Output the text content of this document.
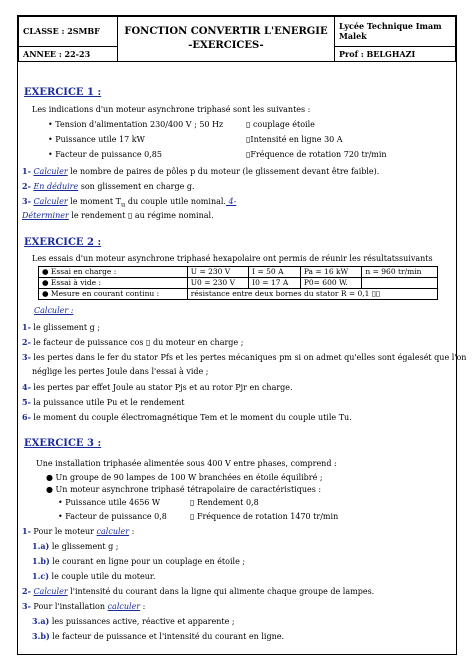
CLASSE : 2SMBF	FONCTION CONVERTIR L'ENERGIE
-EXERCICES-	Lycée Technique Imam Malek
ANNEE : 22-23		Prof : BELGHAZI
EXERCICE 1 :
Les indications d'un moteur asynchrone triphasé sont les suivantes :
• Tension d'alimentation 230/400 V ; 50 Hz	▯ couplage étoile
• Puissance utile 17 kW	▯Intensité en ligne 30 A
• Facteur de puissance 0,85	▯Fréquence de rotation 720 tr/min
1- Calculer le nombre de paires de pôles p du moteur (le glissement devant être faible).
2- En déduire son glissement en charge g.
3- Calculer le moment $T_u$ du couple utile nominal. 4-
Déterminer le rendement ▯ au régime nominal.
EXERCICE 2 :
Les essais d'un moteur asynchrone triphasé hexapolaire ont permis de réunir les résultatssuivants
● Essai en charge :	U = 230 V	I = 50 A	Pa = 16 kW	n = 960 tr/min
● Essai à vide :	U0 = 230 V	I0 = 17 A	P0= 600 W.	
● Mesure en courant continu :	résistance entre deux bornes du stator R = 0,1 ▯▯			
Calculer :
1- le glissement g ;
2- le facteur de puissance cos ▯ du moteur en charge ;
3- les pertes dans le fer du stator Pfs et les pertes mécaniques pm si on admet qu'elles sont égalesét que l'on
néglige les pertes Joule dans l'essai à vide ;
4- les pertes par effet Joule au stator Pjs et au rotor Pjr en charge.
5- la puissance utile Pu et le rendement
6- le moment du couple électromagnétique Tem et le moment du couple utile Tu.
EXERCICE 3 :
Une installation triphasée alimentée sous 400 V entre phases, comprend :
● Un groupe de 90 lampes de 100 W branchées en étoile équilibré ;
● Un moteur asynchrone triphasé tétrapolaire de caractéristiques :
• Puissance utile 4656 W	▯ Rendement 0,8
• Facteur de puissance 0,8	▯ Fréquence de rotation 1470 tr/min
1- Pour le moteur calculer :
1.a) le glissement g ;
1.b) le courant en ligne pour un couplage en étoile ;
1.c) le couple utile du moteur.
2- Calculer l'intensité du courant dans la ligne qui alimente chaque groupe de lampes.
3- Pour l'installation calculer :
3.a) les puissances active, réactive et apparente ;
3.b) le facteur de puissance et l'intensité du courant en ligne.
